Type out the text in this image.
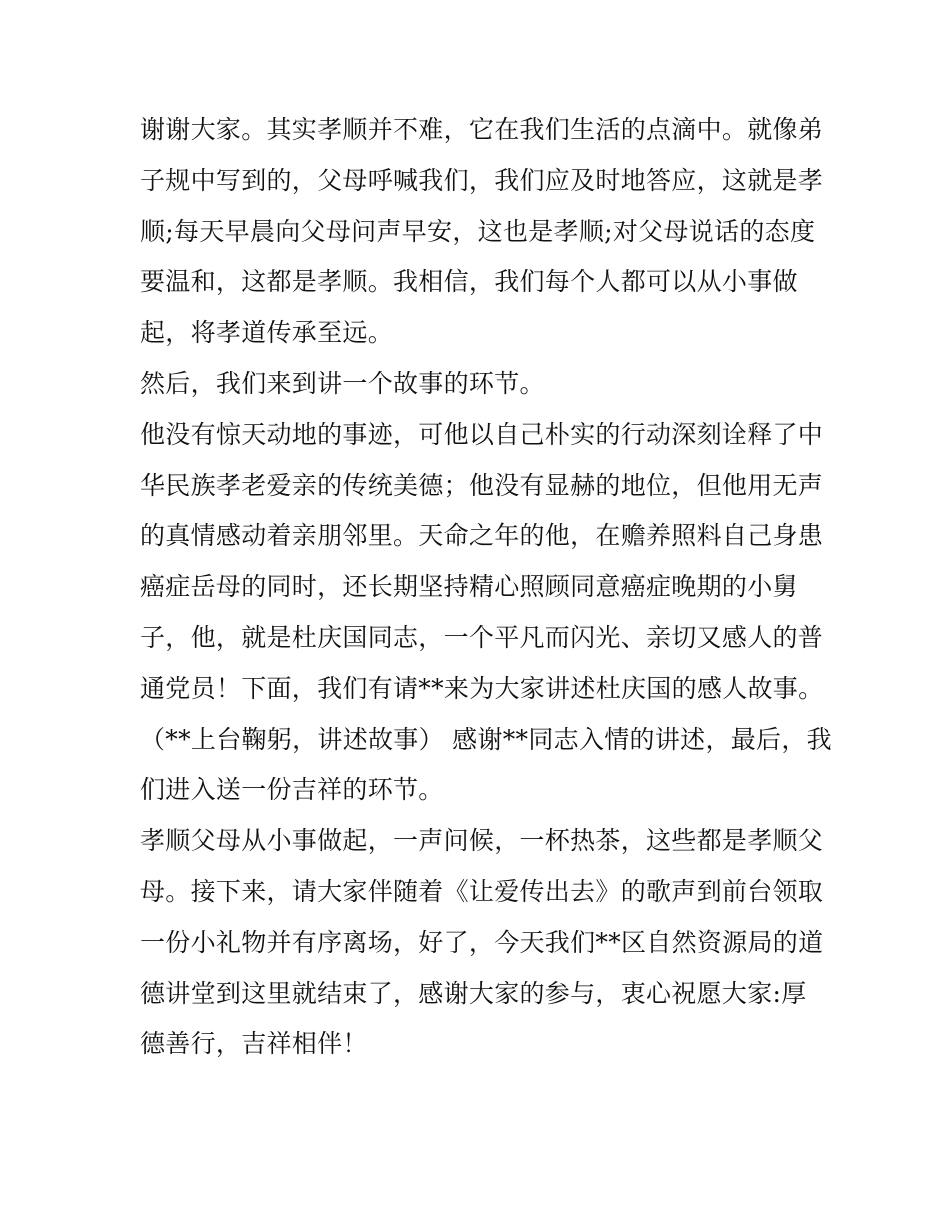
谢谢大家。其实孝顺并不难，它在我们生活的点滴中。就像弟
子规中写到的，父母呼喊我们，我们应及时地答应，这就是孝
顺;每天早晨向父母问声早安，这也是孝顺;对父母说话的态度
要温和，这都是孝顺。我相信，我们每个人都可以从小事做
起，将孝道传承至远。
然后，我们来到讲一个故事的环节。
他没有惊天动地的事迹，可他以自己朴实的行动深刻诠释了中
华民族孝老爱亲的传统美德；他没有显赫的地位，但他用无声
的真情感动着亲朋邻里。天命之年的他，在赡养照料自己身患
癌症岳母的同时，还长期坚持精心照顾同意癌症晚期的小舅
子，他，就是杜庆国同志，一个平凡而闪光、亲切又感人的普
通党员！下面，我们有请**来为大家讲述杜庆国的感人故事。
（**上台鞠躬，讲述故事） 感谢**同志入情的讲述，最后，我
们进入送一份吉祥的环节。
孝顺父母从小事做起，一声问候，一杯热茶，这些都是孝顺父
母。接下来，请大家伴随着《让爱传出去》的歌声到前台领取
一份小礼物并有序离场，好了，今天我们**区自然资源局的道
德讲堂到这里就结束了，感谢大家的参与，衷心祝愿大家:厚
德善行，吉祥相伴！
